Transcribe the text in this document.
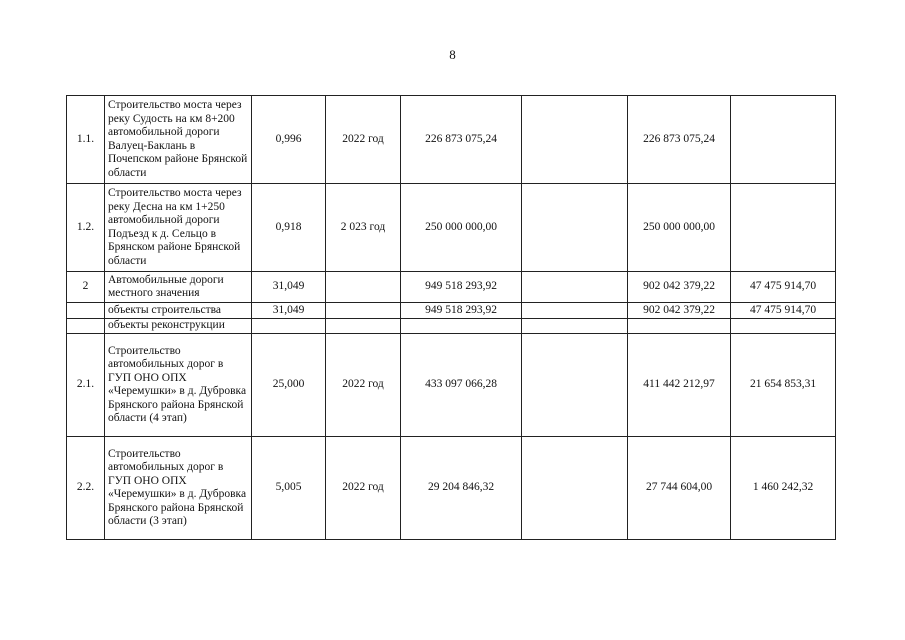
8
1.1.	Строительство моста через реку Судость на км 8+200 автомобильной дороги Валуец-Баклань в Почепском районе Брянской области	0,996	2022 год	226 873 075,24		226 873 075,24	
1.2.	Строительство моста через реку Десна на км 1+250 автомобильной дороги Подъезд к д. Сельцо в Брянском районе Брянской области	0,918	2 023 год	250 000 000,00		250 000 000,00	
2	Автомобильные дороги местного значения	31,049		949 518 293,92		902 042 379,22	47 475 914,70
	объекты строительства	31,049		949 518 293,92		902 042 379,22	47 475 914,70
	объекты реконструкции						
2.1.	Строительство автомобильных дорог в ГУП ОНО ОПХ «Черемушки» в д. Дубровка Брянского района Брянской области (4 этап)	25,000	2022 год	433 097 066,28		411 442 212,97	21 654 853,31
2.2.	Строительство автомобильных дорог в ГУП ОНО ОПХ «Черемушки» в д. Дубровка Брянского района Брянской области (3 этап)	5,005	2022 год	29 204 846,32		27 744 604,00	1 460 242,32
